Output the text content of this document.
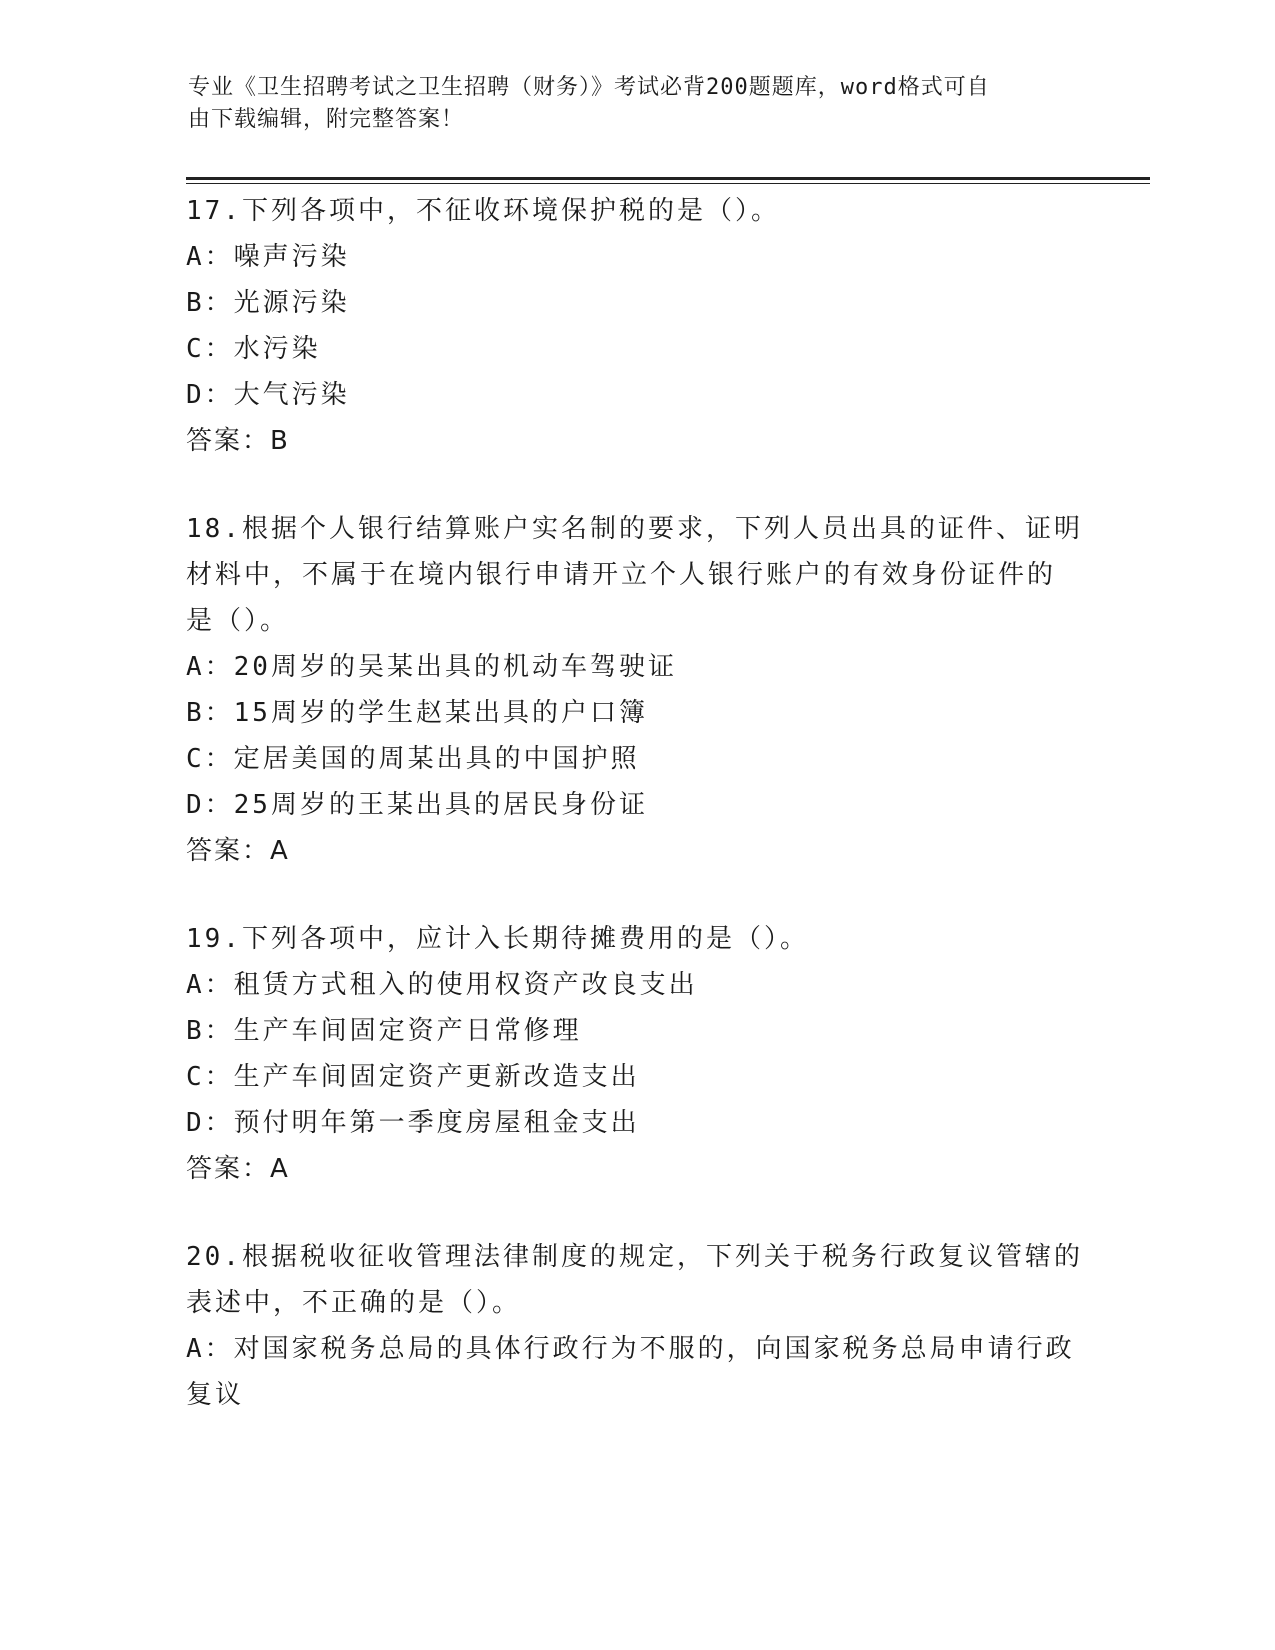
专业《卫生招聘考试之卫生招聘（财务）》考试必背200题题库，word格式可自
由下载编辑，附完整答案！
17.下列各项中，不征收环境保护税的是（）。
A：噪声污染
B：光源污染
C：水污染
D：大气污染
答案：B
18.根据个人银行结算账户实名制的要求，下列人员出具的证件、证明
材料中，不属于在境内银行申请开立个人银行账户的有效身份证件的
是（）。
A：20周岁的吴某出具的机动车驾驶证
B：15周岁的学生赵某出具的户口簿
C：定居美国的周某出具的中国护照
D：25周岁的王某出具的居民身份证
答案：A
19.下列各项中，应计入长期待摊费用的是（）。
A：租赁方式租入的使用权资产改良支出
B：生产车间固定资产日常修理
C：生产车间固定资产更新改造支出
D：预付明年第一季度房屋租金支出
答案：A
20.根据税收征收管理法律制度的规定，下列关于税务行政复议管辖的
表述中，不正确的是（）。
A：对国家税务总局的具体行政行为不服的，向国家税务总局申请行政
复议
